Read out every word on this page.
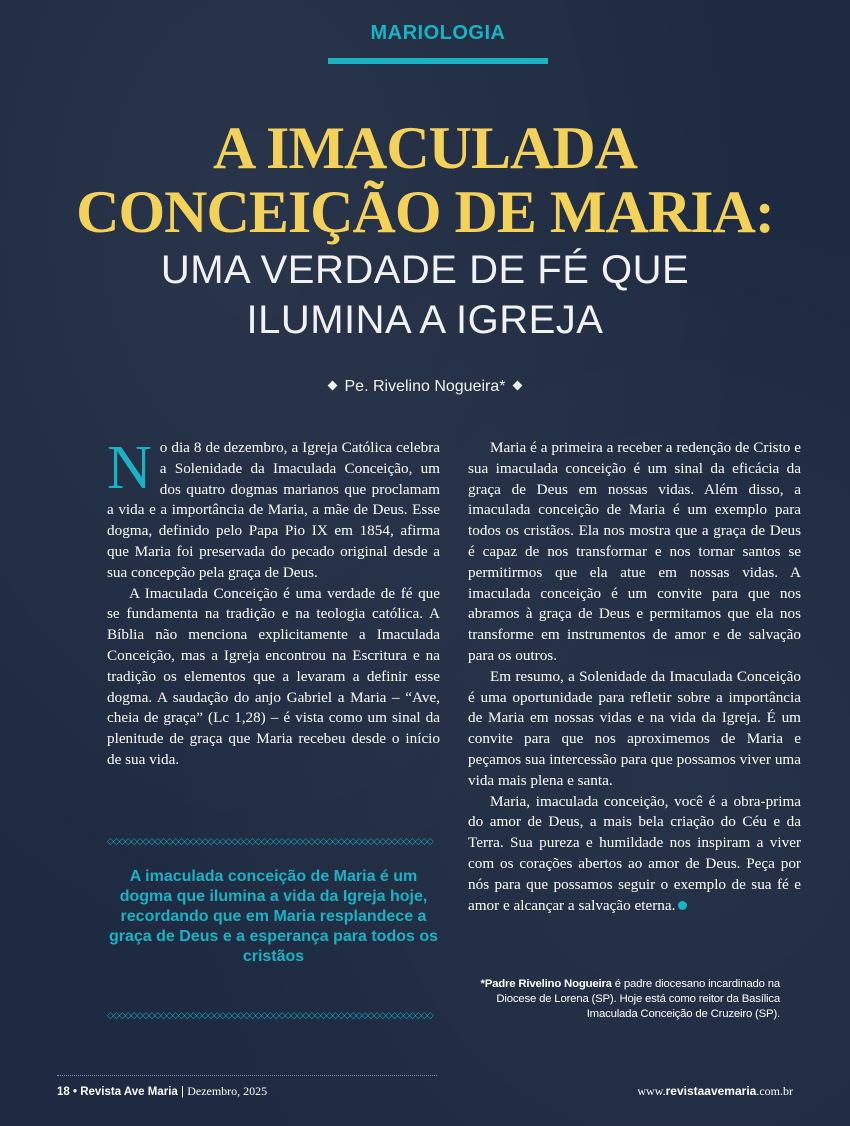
MARIOLOGIA
A IMACULADA
CONCEIÇÃO DE MARIA:
UMA VERDADE DE FÉ QUE
ILUMINA A IGREJA
Pe. Rivelino Nogueira*

No dia 8 de dezembro, a Igreja Católica celebra a Solenidade da Imaculada Conceição, um dos quatro dogmas marianos que proclamam a vida e a importância de Maria, a mãe de Deus. Esse dogma, definido pelo Papa Pio IX em 1854, afirma que Maria foi preservada do pecado original desde a sua concepção pela graça de Deus.

A Imaculada Conceição é uma verdade de fé que se fundamenta na tradição e na teologia católica. A Bíblia não menciona explicitamente a Imaculada Conceição, mas a Igreja encontrou na Escritura e na tradição os elementos que a levaram a definir esse dogma. A saudação do anjo Gabriel a Maria – “Ave, cheia de graça” (Lc 1,28) – é vista como um sinal da plenitude de graça que Maria recebeu desde o início de sua vida.

◇◇◇◇◇◇◇◇◇◇◇◇◇◇◇◇◇◇◇◇◇◇◇◇◇◇◇◇◇◇◇◇◇◇◇◇◇◇◇◇◇◇◇◇◇◇◇◇◇◇◇◇◇◇◇
A imaculada conceição de Maria é um dogma que ilumina a vida da Igreja hoje, recordando que em Maria resplandece a graça de Deus e a esperança para todos os cristãos
◇◇◇◇◇◇◇◇◇◇◇◇◇◇◇◇◇◇◇◇◇◇◇◇◇◇◇◇◇◇◇◇◇◇◇◇◇◇◇◇◇◇◇◇◇◇◇◇◇◇◇◇◇◇◇

Maria é a primeira a receber a redenção de Cristo e sua imaculada conceição é um sinal da eficácia da graça de Deus em nossas vidas. Além disso, a imaculada conceição de Maria é um exemplo para todos os cristãos. Ela nos mostra que a graça de Deus é capaz de nos transformar e nos tornar santos se permitirmos que ela atue em nossas vidas. A imaculada conceição é um convite para que nos abramos à graça de Deus e permitamos que ela nos transforme em instrumentos de amor e de salvação para os outros.

Em resumo, a Solenidade da Imaculada Conceição é uma oportunidade para refletir sobre a importância de Maria em nossas vidas e na vida da Igreja. É um convite para que nos aproximemos de Maria e peçamos sua intercessão para que possamos viver uma vida mais plena e santa.

Maria, imaculada conceição, você é a obra-prima do amor de Deus, a mais bela criação do Céu e da Terra. Sua pureza e humildade nos inspiram a viver com os corações abertos ao amor de Deus. Peça por nós para que possamos seguir o exemplo de sua fé e amor e alcançar a salvação eterna.

*Padre Rivelino Nogueira é padre diocesano incardinado na Diocese de Lorena (SP). Hoje está como reitor da Basílica Imaculada Conceição de Cruzeiro (SP).
18 • Revista Ave Maria | Dezembro, 2025	www.revistaavemaria.com.br
